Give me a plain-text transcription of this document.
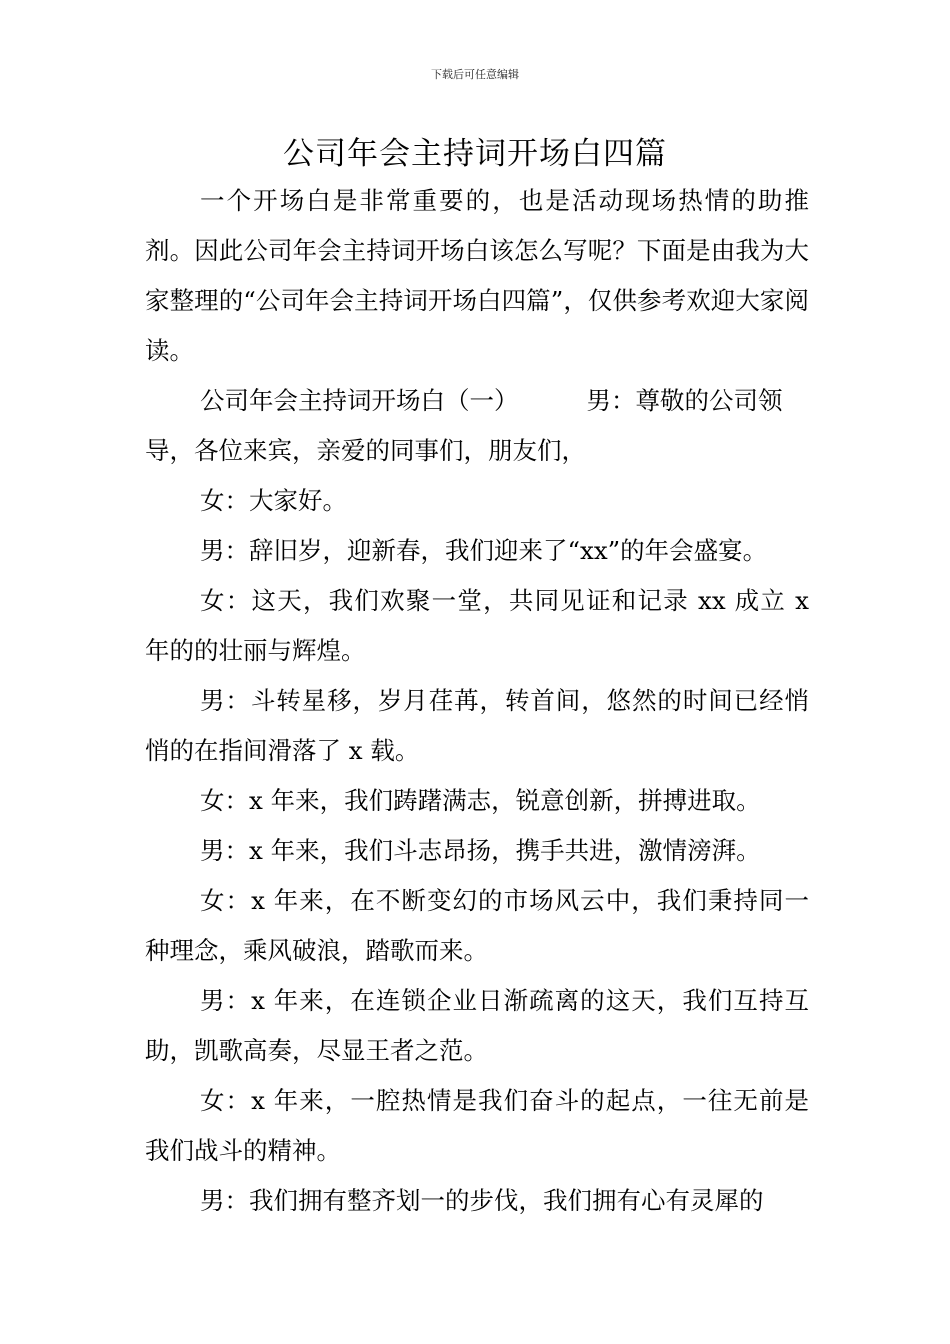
下载后可任意编辑
公司年会主持词开场白四篇

一个开场白是非常重要的，也是活动现场热情的助推剂。因此公司年会主持词开场白该怎么写呢？下面是由我为大家整理的“公司年会主持词开场白四篇”，仅供参考欢迎大家阅读。

公司年会主持词开场白（一）	男：尊敬的公司领导，各位来宾，亲爱的同事们，朋友们，

女：大家好。

男：辞旧岁，迎新春，我们迎来了“xx”的年会盛宴。

女：这天，我们欢聚一堂，共同见证和记录 xx 成立 x 年的的壮丽与辉煌。

男：斗转星移，岁月荏苒，转首间，悠然的时间已经悄悄的在指间滑落了 x 载。

女：x 年来，我们踌躇满志，锐意创新，拼搏进取。

男：x 年来，我们斗志昂扬，携手共进，激情滂湃。

女：x 年来，在不断变幻的市场风云中，我们秉持同一种理念，乘风破浪，踏歌而来。

男：x 年来，在连锁企业日渐疏离的这天，我们互持互助，凯歌高奏，尽显王者之范。

女：x 年来，一腔热情是我们奋斗的起点，一往无前是我们战斗的精神。

男：我们拥有整齐划一的步伐，我们拥有心有灵犀的
